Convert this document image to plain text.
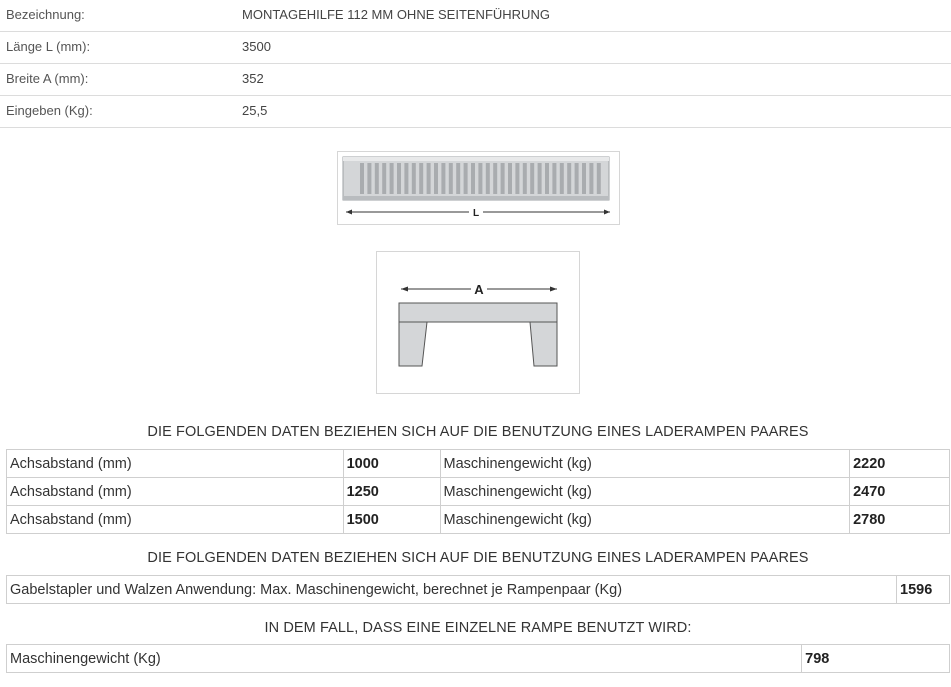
Bezeichnung:	MONTAGEHILFE 112 MM OHNE SEITENFÜHRUNG
Länge L (mm):	3500
Breite A (mm):	352
Eingeben (Kg):	25,5
L
A
DIE FOLGENDEN DATEN BEZIEHEN SICH AUF DIE BENUTZUNG EINES LADERAMPEN PAARES
Achsabstand (mm)	1000	Maschinengewicht (kg)	2220
Achsabstand (mm)	1250	Maschinengewicht (kg)	2470
Achsabstand (mm)	1500	Maschinengewicht (kg)	2780
DIE FOLGENDEN DATEN BEZIEHEN SICH AUF DIE BENUTZUNG EINES LADERAMPEN PAARES
Gabelstapler und Walzen Anwendung: Max. Maschinengewicht, berechnet je Rampenpaar (Kg)	1596
IN DEM FALL, DASS EINE EINZELNE RAMPE BENUTZT WIRD:
Maschinengewicht (Kg)	798
